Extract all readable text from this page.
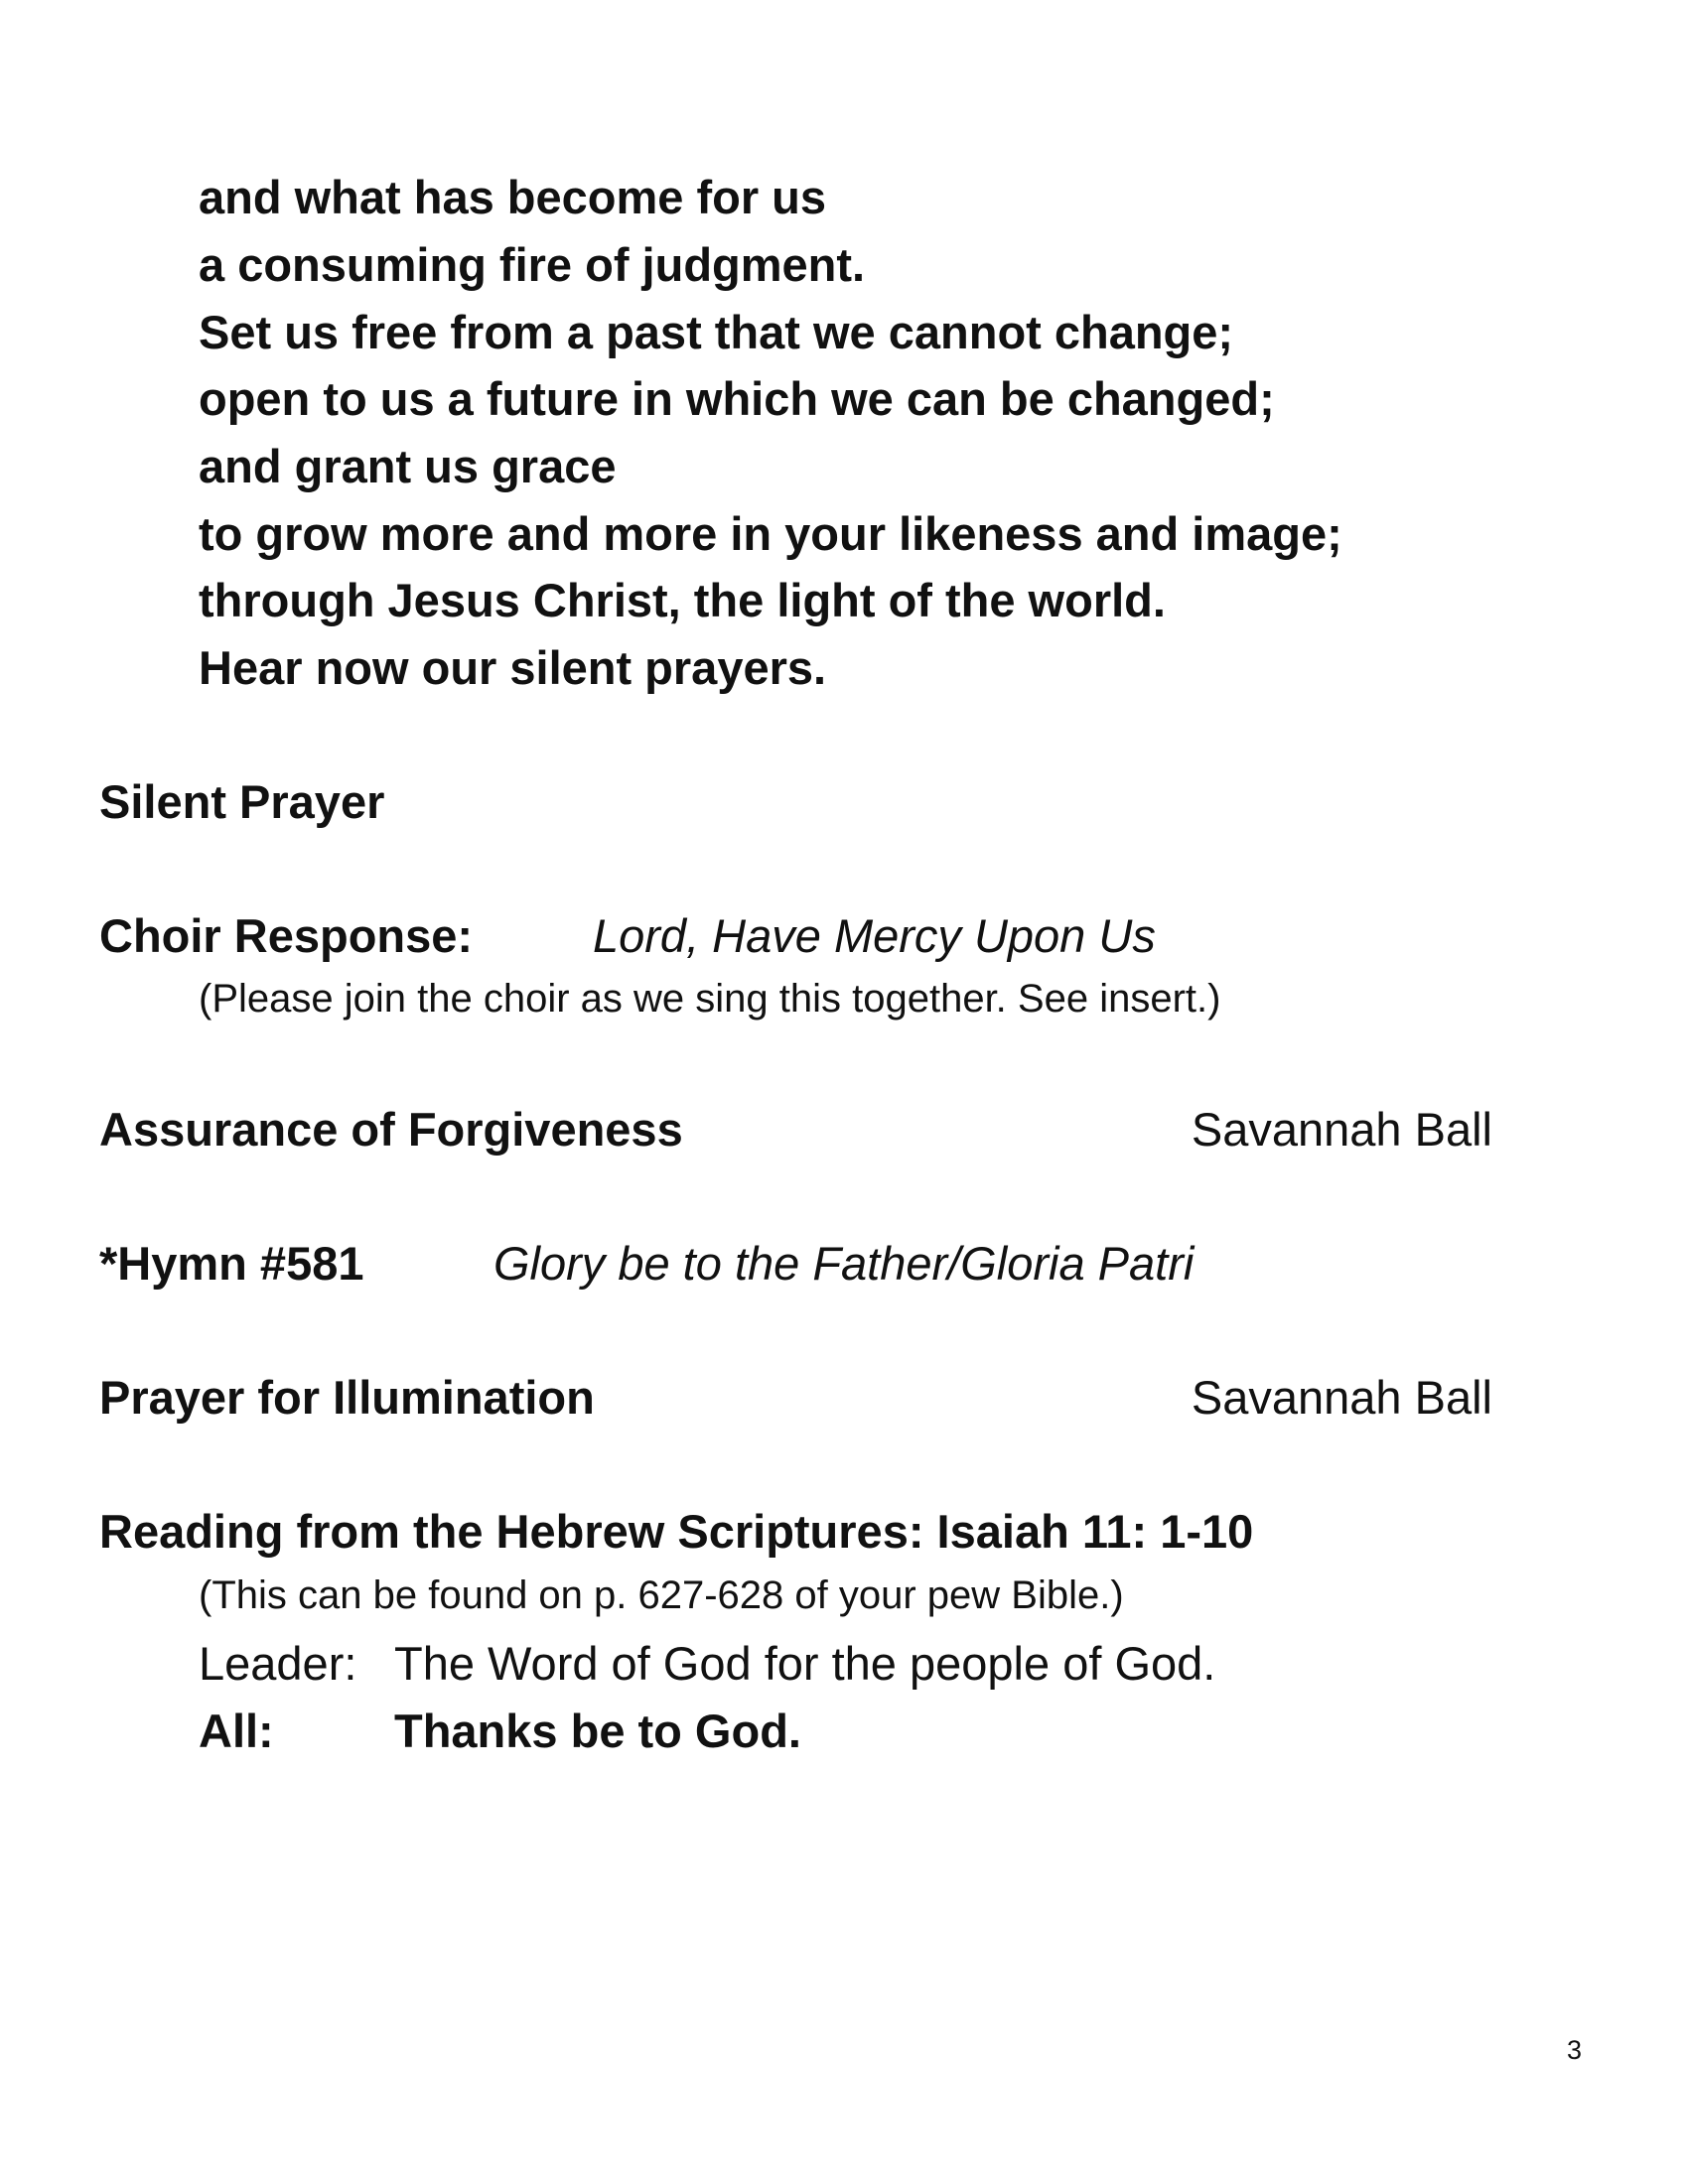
and what has become for us
a consuming fire of judgment.
Set us free from a past that we cannot change;
open to us a future in which we can be changed;
and grant us grace
to grow more and more in your likeness and image;
through Jesus Christ, the light of the world.
Hear now our silent prayers.
Silent Prayer
Choir Response:	Lord, Have Mercy Upon Us
(Please join the choir as we sing this together. See insert.)
Assurance of Forgiveness	Savannah Ball
*Hymn #581	Glory be to the Father/Gloria Patri
Prayer for Illumination	Savannah Ball
Reading from the Hebrew Scriptures: Isaiah 11: 1-10
(This can be found on p. 627-628 of your pew Bible.)
Leader: The Word of God for the people of God.
All:	Thanks be to God.
3
